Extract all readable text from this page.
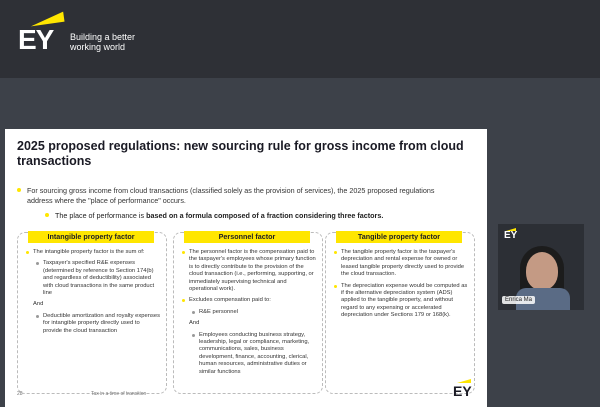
EY Building a better
working world
2025 proposed regulations: new sourcing rule for gross income from cloud transactions
For sourcing gross income from cloud transactions (classified solely as the provision of services), the 2025 proposed regulations address where the "place of performance" occurs.
The place of performance is based on a formula composed of a fraction considering three factors.
Intangible property factor

The intangible property factor is the sum of:

Taxpayer's specified R&E expenses (determined by reference to Section 174(b) and regardless of deductibility) associated with cloud transactions in the same product line

And

Deductible amortization and royalty expenses for intangible property directly used to provide the cloud transaction

Personnel factor

The personnel factor is the compensation paid to the taxpayer's employees whose primary function is to directly contribute to the provision of the cloud transaction (i.e., performing, supporting, or immediately supervising technical and operational work).

Excludes compensation paid to:

R&E personnel

And

Employees conducting business strategy, leadership, legal or compliance, marketing, communications, sales, business development, finance, accounting, clerical, human resources, administrative duties or similar functions

Tangible property factor

The tangible property factor is the taxpayer's depreciation and rental expense for owned or leased tangible property directly used to provide the cloud transaction.

The depreciation expense would be computed as if the alternative depreciation system (ADS) applied to the tangible property, and without regard to any expensing or accelerated depreciation under Sections 179 or 168(k).

28	Tax in a time of transition	EY
EY
Enrica Ma
